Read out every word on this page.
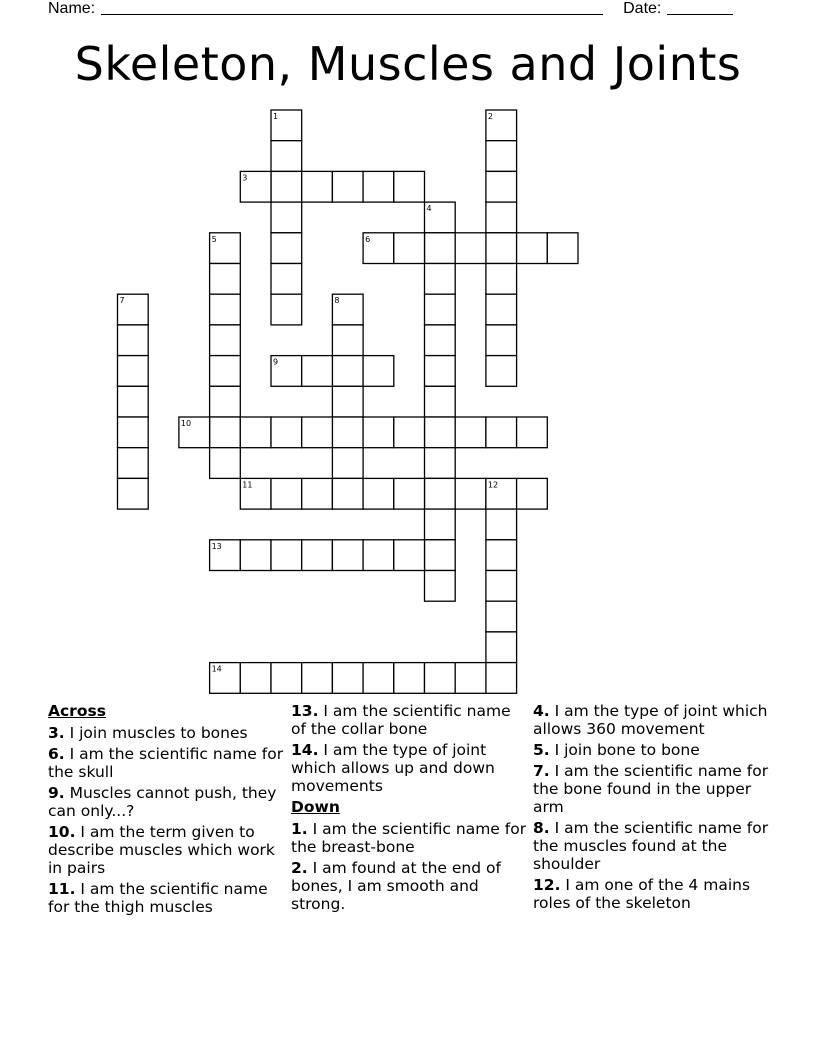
Name:	Date:
Skeleton, Muscles and Joints
1	2
3
4
5	6
7	8
9
10
11	12
13
14
Across
3. I join muscles to bones
6. I am the scientific name for the skull
9. Muscles cannot push, they can only...?
10. I am the term given to describe muscles which work in pairs
11. I am the scientific name for the thigh muscles
13. I am the scientific name of the collar bone
14. I am the type of joint which allows up and down movements
Down
1. I am the scientific name for the breast-bone
2. I am found at the end of bones, I am smooth and strong.
4. I am the type of joint which allows 360 movement
5. I join bone to bone
7. I am the scientific name for the bone found in the upper arm
8. I am the scientific name for the muscles found at the shoulder
12. I am one of the 4 mains roles of the skeleton
